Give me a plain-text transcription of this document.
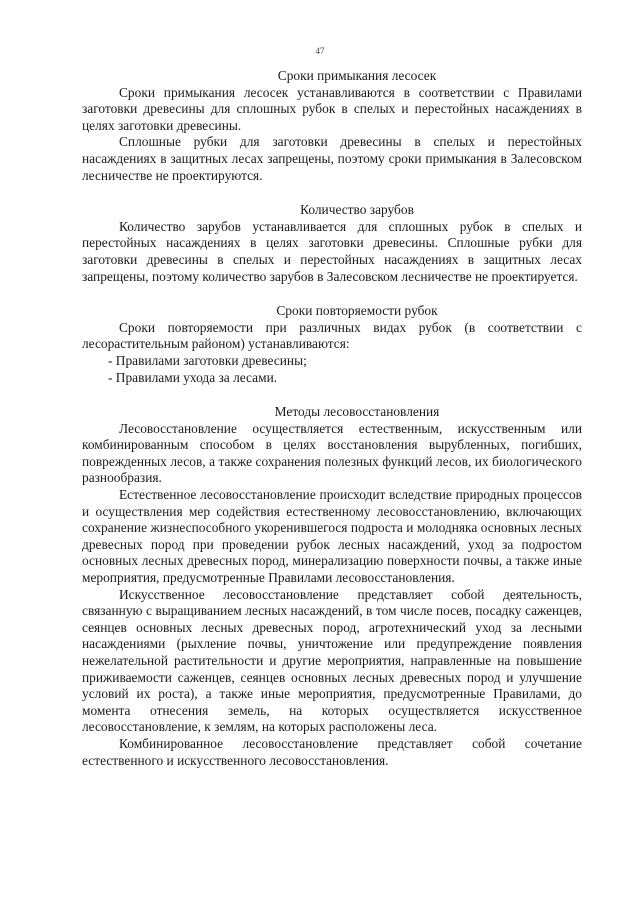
47
Сроки примыкания лесосек

Сроки примыкания лесосек устанавливаются в соответствии с Правилами заготовки древесины для сплошных рубок в спелых и перестойных насаждениях в целях заготовки древесины.

Сплошные рубки для заготовки древесины в спелых и перестойных насаждениях в защитных лесах запрещены, поэтому сроки примыкания в Залесовском лесничестве не проектируются.

Количество зарубов

Количество зарубов устанавливается для сплошных рубок в спелых и перестойных насаждениях в целях заготовки древесины. Сплошные рубки для заготовки древесины в спелых и перестойных насаждениях в защитных лесах запрещены, поэтому количество зарубов в Залесовском лесничестве не проектируется.

Сроки повторяемости рубок

Сроки повторяемости при различных видах рубок (в соответствии с лесорастительным районом) устанавливаются:

- Правилами заготовки древесины;

- Правилами ухода за лесами.

Методы лесовосстановления

Лесовосстановление осуществляется естественным, искусственным или комбинированным способом в целях восстановления вырубленных, погибших, поврежденных лесов, а также сохранения полезных функций лесов, их биологического разнообразия.

Естественное лесовосстановление происходит вследствие природных процессов и осуществления мер содействия естественному лесовосстановлению, включающих сохранение жизнеспособного укоренившегося подроста и молодняка основных лесных древесных пород при проведении рубок лесных насаждений, уход за подростом основных лесных древесных пород, минерализацию поверхности почвы, а также иные мероприятия, предусмотренные Правилами лесовосстановления.

Искусственное лесовосстановление представляет собой деятельность, связанную с выращиванием лесных насаждений, в том числе посев, посадку саженцев, сеянцев основных лесных древесных пород, агротехнический уход за лесными насаждениями (рыхление почвы, уничтожение или предупреждение появления нежелательной растительности и другие мероприятия, направленные на повышение приживаемости саженцев, сеянцев основных лесных древесных пород и улучшение условий их роста), а также иные мероприятия, предусмотренные Правилами, до момента отнесения земель, на которых осуществляется искусственное лесовосстановление, к землям, на которых расположены леса.

Комбинированное лесовосстановление представляет собой сочетание естественного и искусственного лесовосстановления.
